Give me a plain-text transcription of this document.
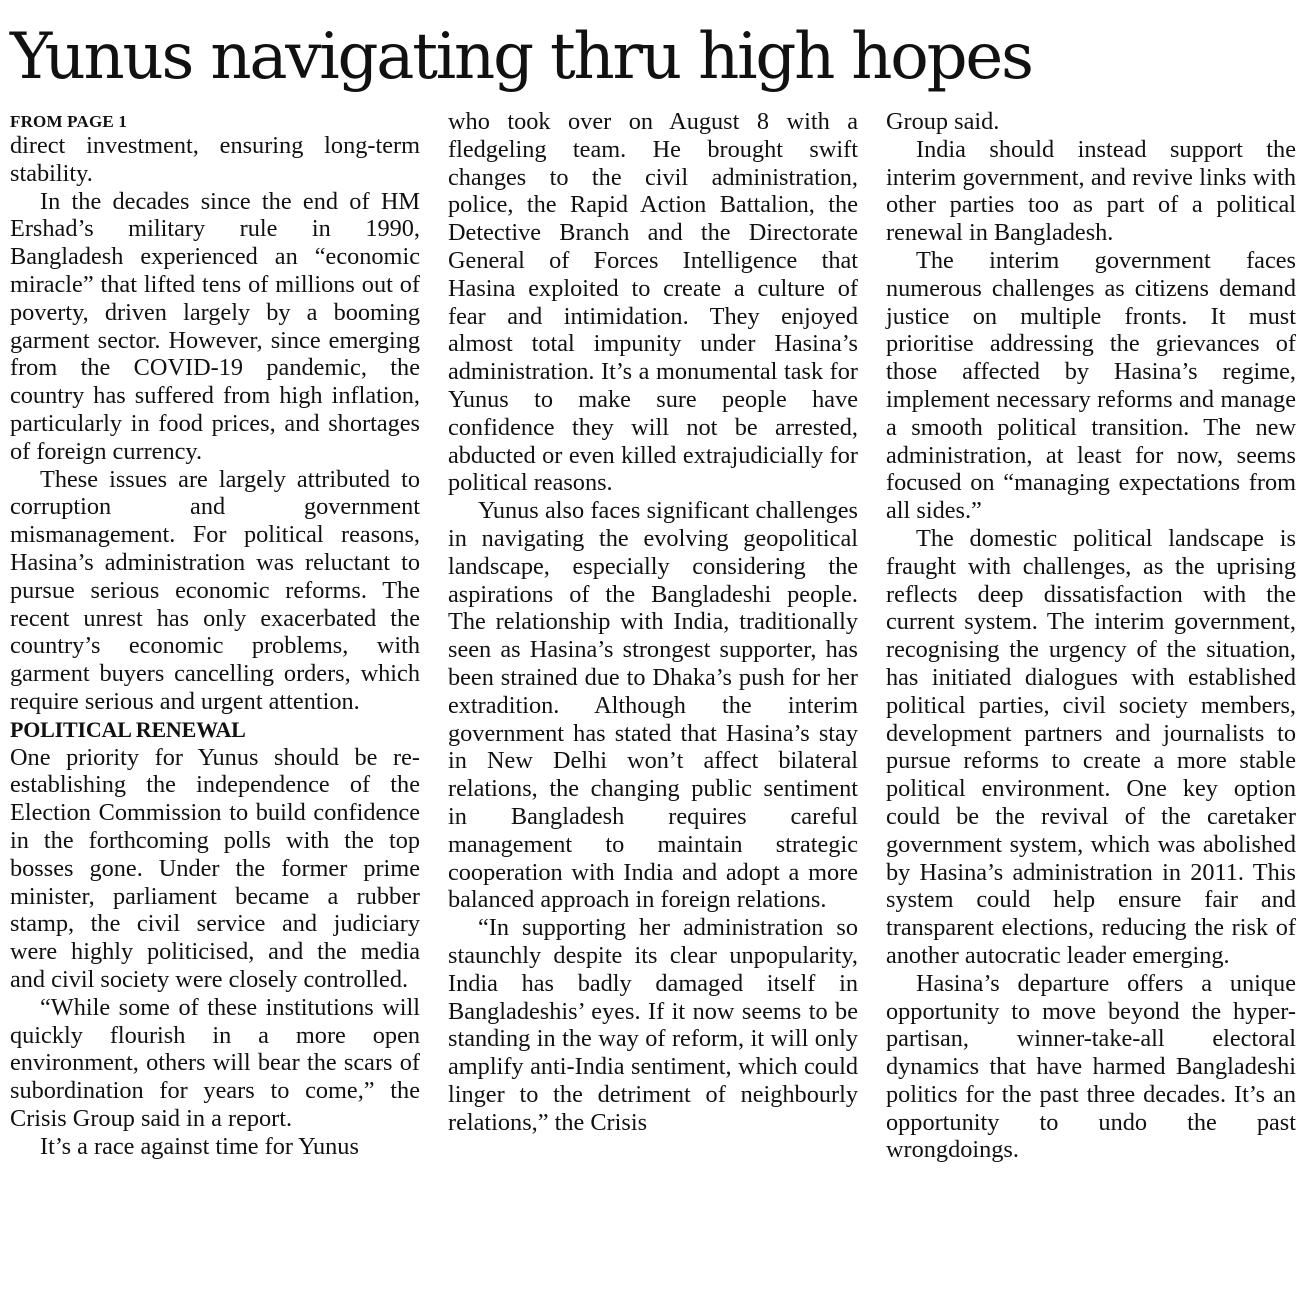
Yunus navigating thru high hopes
FROM PAGE 1

direct investment, ensuring long-term stability.

In the decades since the end of HM Ershad’s military rule in 1990, Bangladesh experienced an “economic miracle” that lifted tens of millions out of poverty, driven largely by a booming garment sector. However, since emerging from the COVID-19 pandemic, the country has suffered from high inflation, particularly in food prices, and shortages of foreign currency.

These issues are largely attributed to corruption and government mismanagement. For political reasons, Hasina’s administration was reluctant to pursue serious economic reforms. The recent unrest has only exacerbated the country’s economic problems, with garment buyers cancelling orders, which require serious and urgent attention.

POLITICAL RENEWAL

One priority for Yunus should be re-establishing the independence of the Election Commission to build confidence in the forthcoming polls with the top bosses gone. Under the former prime minister, parliament became a rubber stamp, the civil service and judiciary were highly politicised, and the media and civil society were closely controlled.

“While some of these institutions will quickly flourish in a more open environment, others will bear the scars of subordination for years to come,” the Crisis Group said in a report.

It’s a race against time for Yunus

who took over on August 8 with a fledgeling team. He brought swift changes to the civil administration, police, the Rapid Action Battalion, the Detective Branch and the Directorate General of Forces Intelligence that Hasina exploited to create a culture of fear and intimidation. They enjoyed almost total impunity under Hasina’s administration. It’s a monumental task for Yunus to make sure people have confidence they will not be arrested, abducted or even killed extrajudicially for political reasons.

Yunus also faces significant challenges in navigating the evolving geopolitical landscape, especially considering the aspirations of the Bangladeshi people. The relationship with India, traditionally seen as Hasina’s strongest supporter, has been strained due to Dhaka’s push for her extradition. Although the interim government has stated that Hasina’s stay in New Delhi won’t affect bilateral relations, the changing public sentiment in Bangladesh requires careful management to maintain strategic cooperation with India and adopt a more balanced approach in foreign relations.

“In supporting her administration so staunchly despite its clear unpopularity, India has badly damaged itself in Bangladeshis’ eyes. If it now seems to be standing in the way of reform, it will only amplify anti-India sentiment, which could linger to the detriment of neighbourly relations,” the Crisis

Group said.

India should instead support the interim government, and revive links with other parties too as part of a political renewal in Bangladesh.

The interim government faces numerous challenges as citizens demand justice on multiple fronts. It must prioritise addressing the grievances of those affected by Hasina’s regime, implement necessary reforms and manage a smooth political transition. The new administration, at least for now, seems focused on “managing expectations from all sides.”

The domestic political landscape is fraught with challenges, as the uprising reflects deep dissatisfaction with the current system. The interim government, recognising the urgency of the situation, has initiated dialogues with established political parties, civil society members, development partners and journalists to pursue reforms to create a more stable political environment. One key option could be the revival of the caretaker government system, which was abolished by Hasina’s administration in 2011. This system could help ensure fair and transparent elections, reducing the risk of another autocratic leader emerging.

Hasina’s departure offers a unique opportunity to move beyond the hyper-partisan, winner-take-all electoral dynamics that have harmed Bangladeshi politics for the past three decades. It’s an opportunity to undo the past wrongdoings.
